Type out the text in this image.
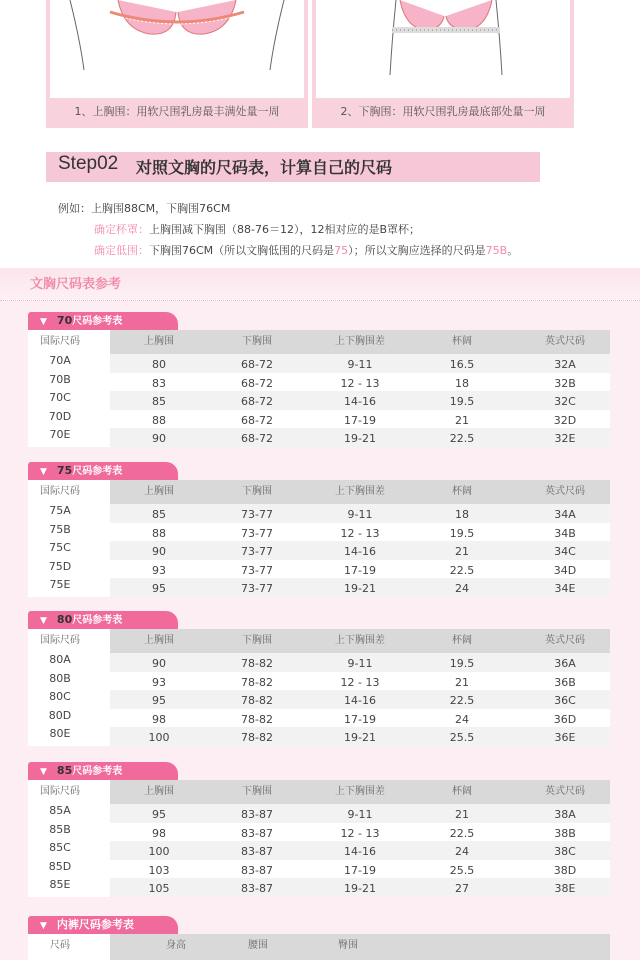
1、上胸围：用软尺围乳房最丰满处量一周	2、下胸围：用软尺围乳房最底部处量一周
Step02 对照文胸的尺码表，计算自己的尺码
例如：上胸围88CM，下胸围76CM
确定杯罩：上胸围减下胸围（88-76＝12），12相对应的是B罩杯；
确定低围：下胸围76CM（所以文胸低围的尺码是75）；所以文胸应选择的尺码是75B。
文胸尺码表参考
▼ 70尺码参考表
国际尺码	上胸围	下胸围	上下胸围差	杯阔	英式尺码
70A	80	68-72	9-11	16.5	32A
70B	83	68-72	12 - 13	18	32B
70C	85	68-72	14-16	19.5	32C
70D	88	68-72	17-19	21	32D
70E	90	68-72	19-21	22.5	32E
▼ 75尺码参考表
国际尺码	上胸围	下胸围	上下胸围差	杯阔	英式尺码
75A	85	73-77	9-11	18	34A
75B	88	73-77	12 - 13	19.5	34B
75C	90	73-77	14-16	21	34C
75D	93	73-77	17-19	22.5	34D
75E	95	73-77	19-21	24	34E
▼ 80尺码参考表
国际尺码	上胸围	下胸围	上下胸围差	杯阔	英式尺码
80A	90	78-82	9-11	19.5	36A
80B	93	78-82	12 - 13	21	36B
80C	95	78-82	14-16	22.5	36C
80D	98	78-82	17-19	24	36D
80E	100	78-82	19-21	25.5	36E
▼ 85尺码参考表
国际尺码	上胸围	下胸围	上下胸围差	杯阔	英式尺码
85A	95	83-87	9-11	21	38A
85B	98	83-87	12 - 13	22.5	38B
85C	100	83-87	14-16	24	38C
85D	103	83-87	17-19	25.5	38D
85E	105	83-87	19-21	27	38E
▼ 内裤尺码参考表
尺码	身高	腰围	臀围
